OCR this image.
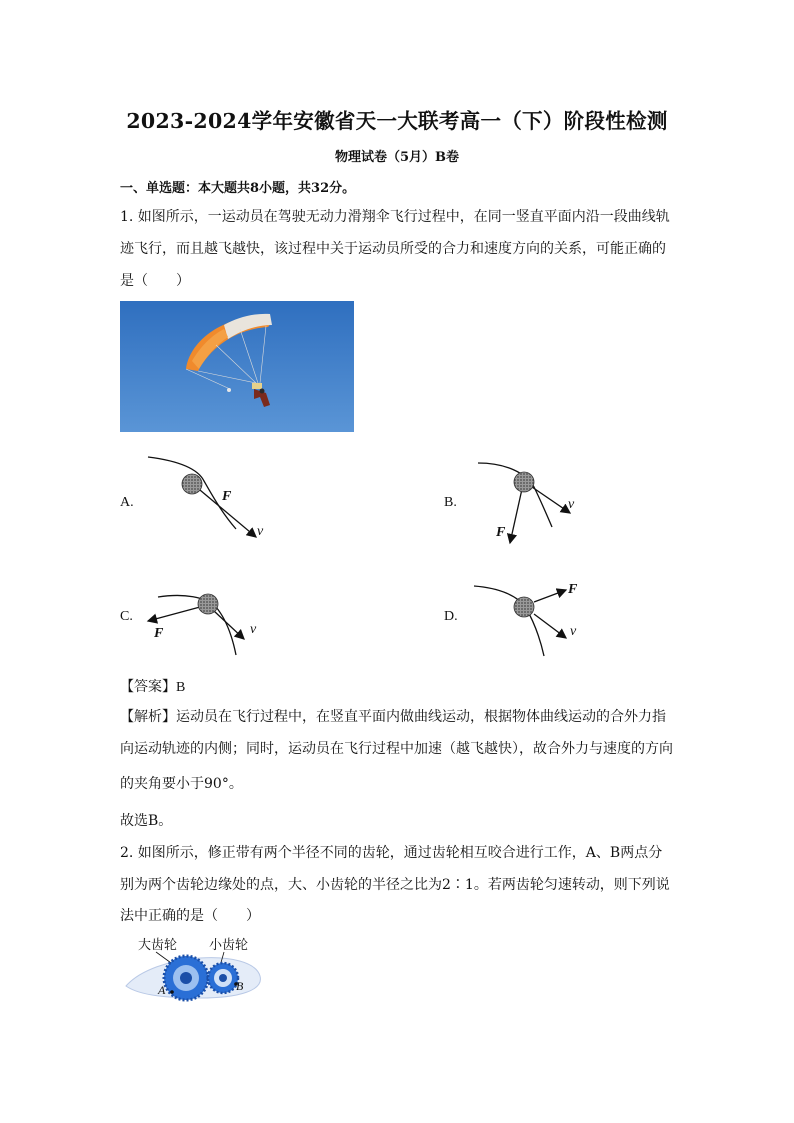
2023-2024学年安徽省天一大联考高一（下）阶段性检测
物理试卷（5月）B卷
一、单选题：本大题共8小题，共32分。
1. 如图所示，一运动员在驾驶无动力滑翔伞飞行过程中，在同一竖直平面内沿一段曲线轨
迹飞行，而且越飞越快，该过程中关于运动员所受的合力和速度方向的关系，可能正确的
是（　　）
A.	F
v
B.
F
v
C.
F	v
D.
F
v
【答案】B
【解析】运动员在飞行过程中，在竖直平面内做曲线运动，根据物体曲线运动的合外力指
向运动轨迹的内侧；同时，运动员在飞行过程中加速（越飞越快），故合外力与速度的方向
的夹角要小于90°。
故选B。
2. 如图所示，修正带有两个半径不同的齿轮，通过齿轮相互咬合进行工作，A、B两点分
别为两个齿轮边缘处的点，大、小齿轮的半径之比为2∶1。若两齿轮匀速转动，则下列说
法中正确的是（　　）
大齿轮 小齿轮
A	B
